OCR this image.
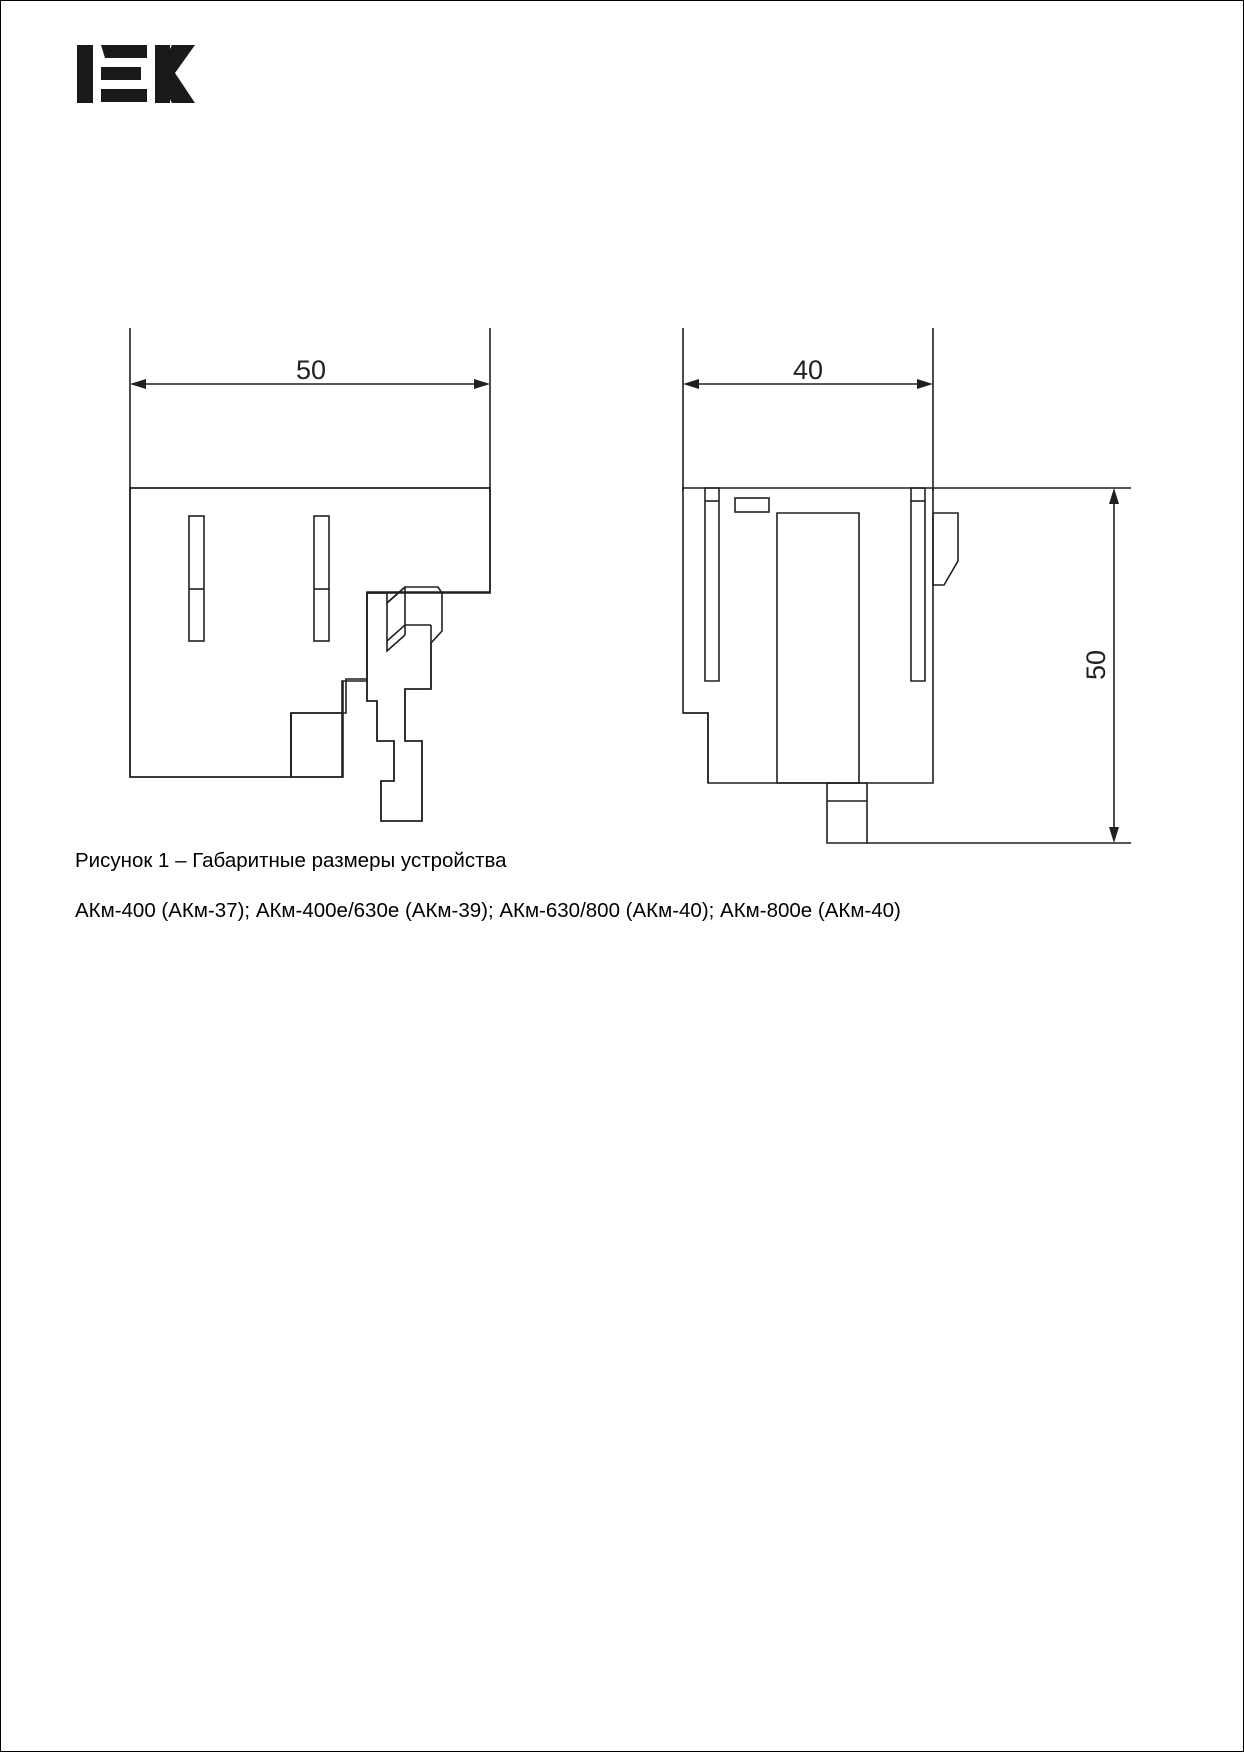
50	40
50
Рисунок 1 – Габаритные размеры устройства
АКм-400 (АКм-37); АКм-400е/630е (АКм-39); АКм-630/800 (АКм-40); АКм-800е (АКм-40)
